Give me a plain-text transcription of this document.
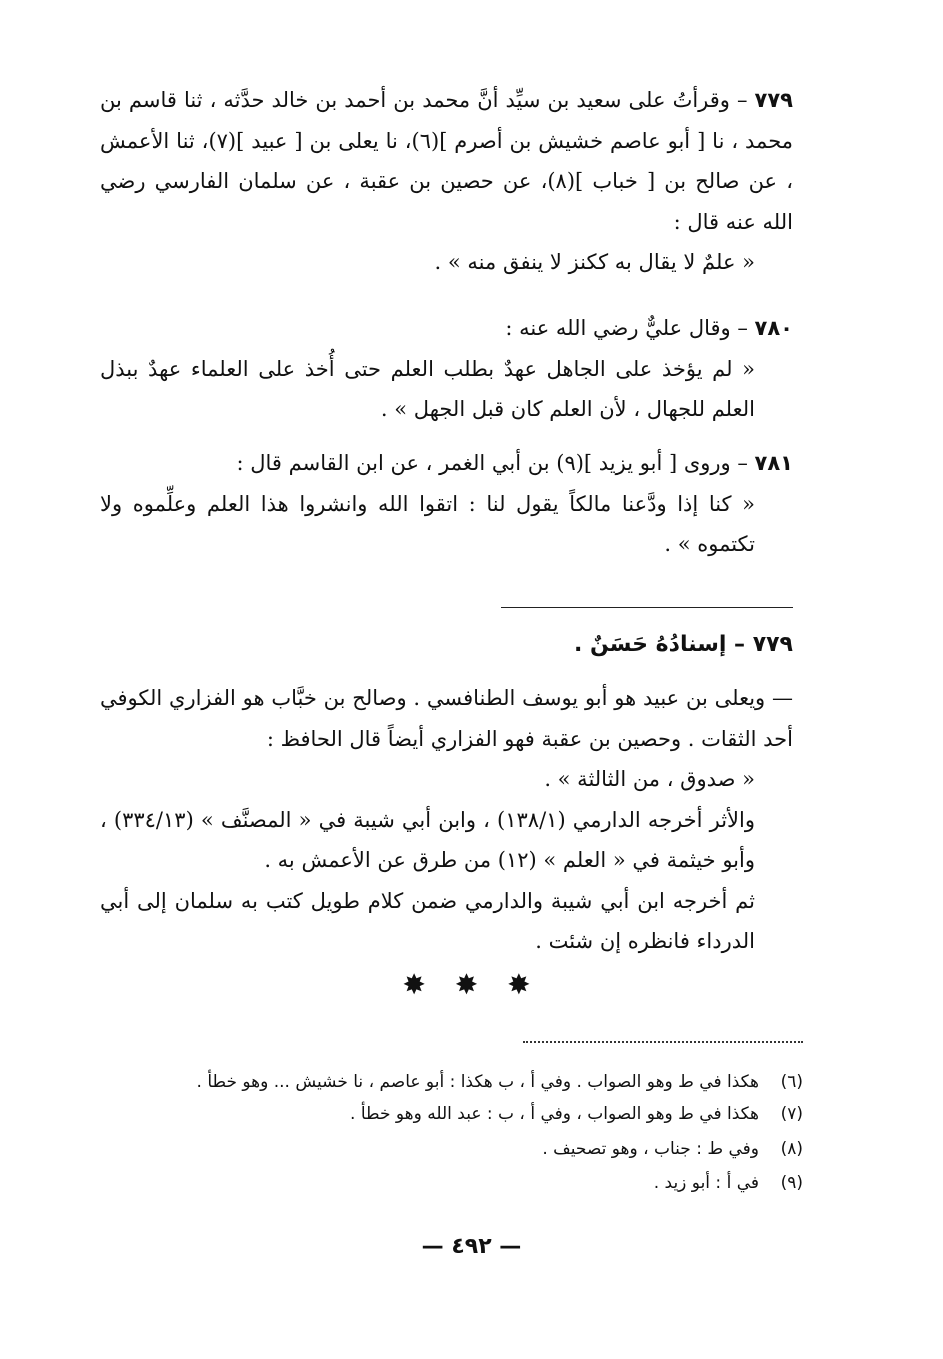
٧٧٩ – وقرأتُ على سعيد بن سيِّد أنَّ محمد بن أحمد بن خالد حدَّثه ، ثنا قاسم بن محمد ، نا [ أبو عاصم خشيش بن أصرم ](٦)، نا يعلى بن [ عبيد ](٧)، ثنا الأعمش ، عن صالح بن [ خباب ](٨)، عن حصين بن عقبة ، عن سلمان الفارسي رضي الله عنه قال :

« علمٌ لا يقال به ككنز لا ينفق منه » .

٧٨٠ – وقال عليٌّ رضي الله عنه :

« لم يؤخذ على الجاهل عهدٌ بطلب العلم حتى أُخذ على العلماء عهدٌ ببذل العلم للجهال ، لأن العلم كان قبل الجهل » .

٧٨١ – وروى [ أبو يزيد ](٩) بن أبي الغمر ، عن ابن القاسم قال :

« كنا إذا ودَّعنا مالكاً يقول لنا : اتقوا الله وانشروا هذا العلم وعلِّموه ولا تكتموه » .

٧٧٩ – إسنادُهُ حَسَنٌ .

— ويعلى بن عبيد هو أبو يوسف الطنافسي . وصالح بن خبَّاب هو الفزاري الكوفي أحد الثقات . وحصين بن عقبة فهو الفزاري أيضاً قال الحافظ :

« صدوق ، من الثالثة » .

والأثر أخرجه الدارمي (١٣٨/١) ، وابن أبي شيبة في « المصنَّف » (٣٣٤/١٣) ، وأبو خيثمة في « العلم » (١٢) من طرق عن الأعمش به .

ثم أخرجه ابن أبي شيبة والدارمي ضمن كلام طويل كتب به سلمان إلى أبي الدرداء فانظره إن شئت .

✸ ✸ ✸

(٦)هكذا في ط وهو الصواب . وفي أ ، ب هكذا : أبو عاصم ، نا خشيش ... وهو خطأ .

(٧)هكذا في ط وهو الصواب ، وفي أ ، ب : عبد الله وهو خطأ .

(٨)وفي ط : جناب ، وهو تصحيف .

(٩)في أ : أبو زيد .

— ٤٩٢ —
